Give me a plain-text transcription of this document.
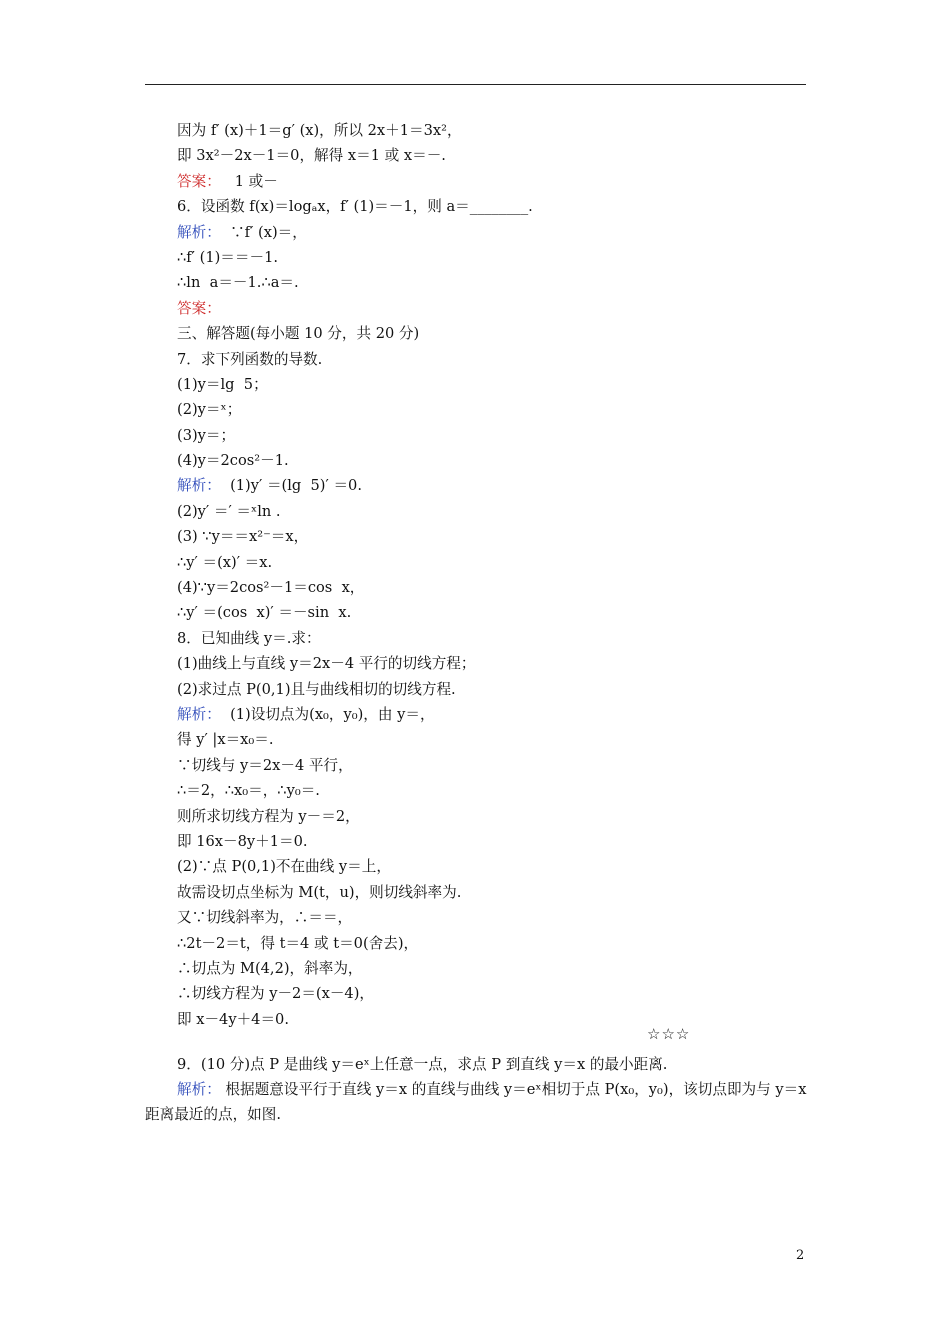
因为 f′ (x)＋1＝g′ (x)，所以 2x＋1＝3x²，
即 3x²－2x－1＝0，解得 x＝1 或 x＝－.
答案：   1 或－
6．设函数 f(x)＝logₐx，f′ (1)＝－1，则 a＝________.
解析：  ∵f′ (x)＝，
∴f′ (1)＝＝－1.
∴ln  a＝－1.∴a＝.
答案：
三、解答题(每小题 10 分，共 20 分)
7．求下列函数的导数.
(1)y＝lg  5；
(2)y＝ˣ；
(3)y＝；
(4)y＝2cos²－1.
解析：  (1)y′ ＝(lg  5)′ ＝0.
(2)y′ ＝′ ＝ˣln .
(3) ∵y＝＝x²⁻＝x，
∴y′ ＝(x)′ ＝x.
(4)∵y＝2cos²－1＝cos  x，
∴y′ ＝(cos  x)′ ＝－sin  x.
8．已知曲线 y＝.求：
(1)曲线上与直线 y＝2x－4 平行的切线方程；
(2)求过点 P(0,1)且与曲线相切的切线方程.
解析：  (1)设切点为(x₀，y₀)，由 y＝，
得 y′ |x＝x₀＝.
∵切线与 y＝2x－4 平行，
∴＝2，∴x₀＝，∴y₀＝.
则所求切线方程为 y－＝2，
即 16x－8y＋1＝0.
(2)∵点 P(0,1)不在曲线 y＝上，
故需设切点坐标为 M(t，u)，则切线斜率为.
又∵切线斜率为，∴＝＝，
∴2t－2＝t，得 t＝4 或 t＝0(舍去)，
∴切点为 M(4,2)，斜率为，
∴切线方程为 y－2＝(x－4)，
即 x－4y＋4＝0.
☆☆☆
9．(10 分)点 P 是曲线 y＝eˣ上任意一点，求点 P 到直线 y＝x 的最小距离.
解析： 根据题意设平行于直线 y＝x 的直线与曲线 y＝eˣ相切于点 P(x₀，y₀)，该切点即为与 y＝x 距离最近的点，如图.
2
